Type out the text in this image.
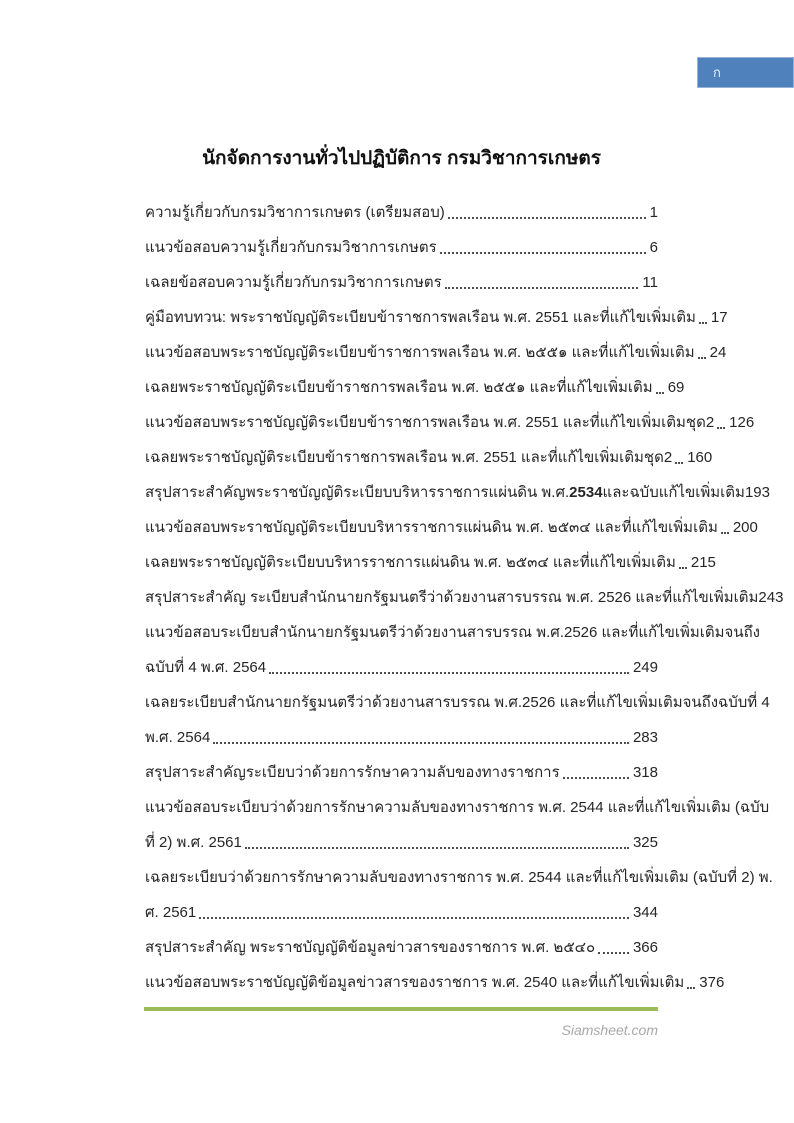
ก
นักจัดการงานทั่วไปปฏิบัติการ กรมวิชาการเกษตร
ความรู้เกี่ยวกับกรมวิชาการเกษตร (เตรียมสอบ)	1
แนวข้อสอบความรู้เกี่ยวกับกรมวิชาการเกษตร	6
เฉลยข้อสอบความรู้เกี่ยวกับกรมวิชาการเกษตร	11
คู่มือทบทวน: พระราชบัญญัติระเบียบข้าราชการพลเรือน พ.ศ. 2551 และที่แก้ไขเพิ่มเติม 17
แนวข้อสอบพระราชบัญญัติระเบียบข้าราชการพลเรือน พ.ศ. ๒๕๕๑ และที่แก้ไขเพิ่มเติม 24
เฉลยพระราชบัญญัติระเบียบข้าราชการพลเรือน พ.ศ. ๒๕๕๑ และที่แก้ไขเพิ่มเติม 69
แนวข้อสอบพระราชบัญญัติระเบียบข้าราชการพลเรือน พ.ศ. 2551 และที่แก้ไขเพิ่มเติมชุด2 126
เฉลยพระราชบัญญัติระเบียบข้าราชการพลเรือน พ.ศ. 2551 และที่แก้ไขเพิ่มเติมชุด2 160
สรุปสาระสำคัญพระราชบัญญัติระเบียบบริหารราชการแผ่นดิน พ.ศ. 2534 และฉบับแก้ไขเพิ่มเติม 193
แนวข้อสอบพระราชบัญญัติระเบียบบริหารราชการแผ่นดิน พ.ศ. ๒๕๓๔ และที่แก้ไขเพิ่มเติม 200
เฉลยพระราชบัญญัติระเบียบบริหารราชการแผ่นดิน พ.ศ. ๒๕๓๔ และที่แก้ไขเพิ่มเติม 215
สรุปสาระสำคัญ ระเบียบสำนักนายกรัฐมนตรีว่าด้วยงานสารบรรณ พ.ศ. 2526 และที่แก้ไขเพิ่มเติม 243
แนวข้อสอบระเบียบสำนักนายกรัฐมนตรีว่าด้วยงานสารบรรณ พ.ศ.2526 และที่แก้ไขเพิ่มเติมจนถึง
ฉบับที่ 4 พ.ศ. 2564	249
เฉลยระเบียบสำนักนายกรัฐมนตรีว่าด้วยงานสารบรรณ พ.ศ.2526 และที่แก้ไขเพิ่มเติมจนถึงฉบับที่ 4
พ.ศ. 2564	283
สรุปสาระสำคัญระเบียบว่าด้วยการรักษาความลับของทางราชการ	318
แนวข้อสอบระเบียบว่าด้วยการรักษาความลับของทางราชการ พ.ศ. 2544 และที่แก้ไขเพิ่มเติม (ฉบับ
ที่ 2) พ.ศ. 2561	325
เฉลยระเบียบว่าด้วยการรักษาความลับของทางราชการ พ.ศ. 2544 และที่แก้ไขเพิ่มเติม (ฉบับที่ 2) พ.
ศ. 2561	344
สรุปสาระสำคัญ พระราชบัญญัติข้อมูลข่าวสารของราชการ พ.ศ. ๒๕๔๐	366
แนวข้อสอบพระราชบัญญัติข้อมูลข่าวสารของราชการ พ.ศ. 2540 และที่แก้ไขเพิ่มเติม 376
Siamsheet.com
